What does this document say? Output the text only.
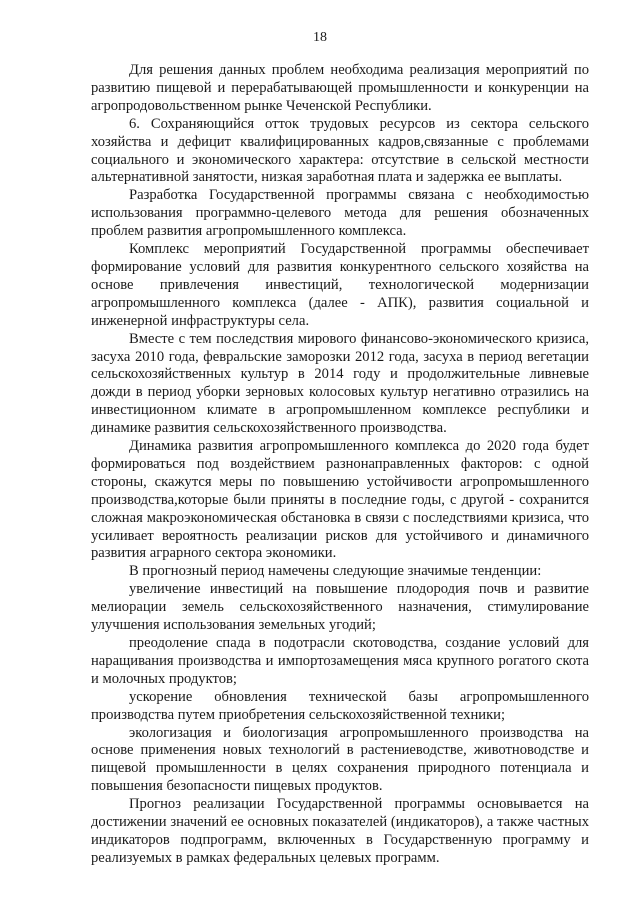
18

Для решения данных проблем необходима реализация мероприятий по развитию пищевой и перерабатывающей промышленности и конкуренции на агропродовольственном рынке Чеченской Республики.

6. Сохраняющийся отток трудовых ресурсов из сектора сельского хозяйства и дефицит квалифицированных кадров,связанные с проблемами социального и экономического характера: отсутствие в сельской местности альтернативной занятости, низкая заработная плата и задержка ее выплаты.

Разработка Государственной программы связана с необходимостью использования программно-целевого метода для решения обозначенных проблем развития агропромышленного комплекса.

Комплекс мероприятий Государственной программы обеспечивает формирование условий для развития конкурентного сельского хозяйства на основе привлечения инвестиций, технологической модернизации агропромышленного комплекса (далее - АПК), развития социальной и инженерной инфраструктуры села.

Вместе с тем последствия мирового финансово-экономического кризиса, засуха 2010 года, февральские заморозки 2012 года, засуха в период вегетации сельскохозяйственных культур в 2014 году и продолжительные ливневые дожди в период уборки зерновых колосовых культур негативно отразились на инвестиционном климате в агропромышленном комплексе республики и динамике развития сельскохозяйственного производства.

Динамика развития агропромышленного комплекса до 2020 года будет формироваться под воздействием разнонаправленных факторов: с одной стороны, скажутся меры по повышению устойчивости агропромышленного производства,которые были приняты в последние годы, с другой - сохранится сложная макроэкономическая обстановка в связи с последствиями кризиса, что усиливает вероятность реализации рисков для устойчивого и динамичного развития аграрного сектора экономики.

В прогнозный период намечены следующие значимые тенденции:

увеличение инвестиций на повышение плодородия почв и развитие мелиорации земель сельскохозяйственного назначения, стимулирование улучшения использования земельных угодий;

преодоление спада в подотрасли скотоводства, создание условий для наращивания производства и импортозамещения мяса крупного рогатого скота и молочных продуктов;

ускорение обновления технической базы агропромышленного производства путем приобретения сельскохозяйственной техники;

экологизация и биологизация агропромышленного производства на основе применения новых технологий в растениеводстве, животноводстве и пищевой промышленности в целях сохранения природного потенциала и повышения безопасности пищевых продуктов.

Прогноз реализации Государственной программы основывается на достижении значений ее основных показателей (индикаторов), а также частных индикаторов подпрограмм, включенных в Государственную программу и реализуемых в рамках федеральных целевых программ.
